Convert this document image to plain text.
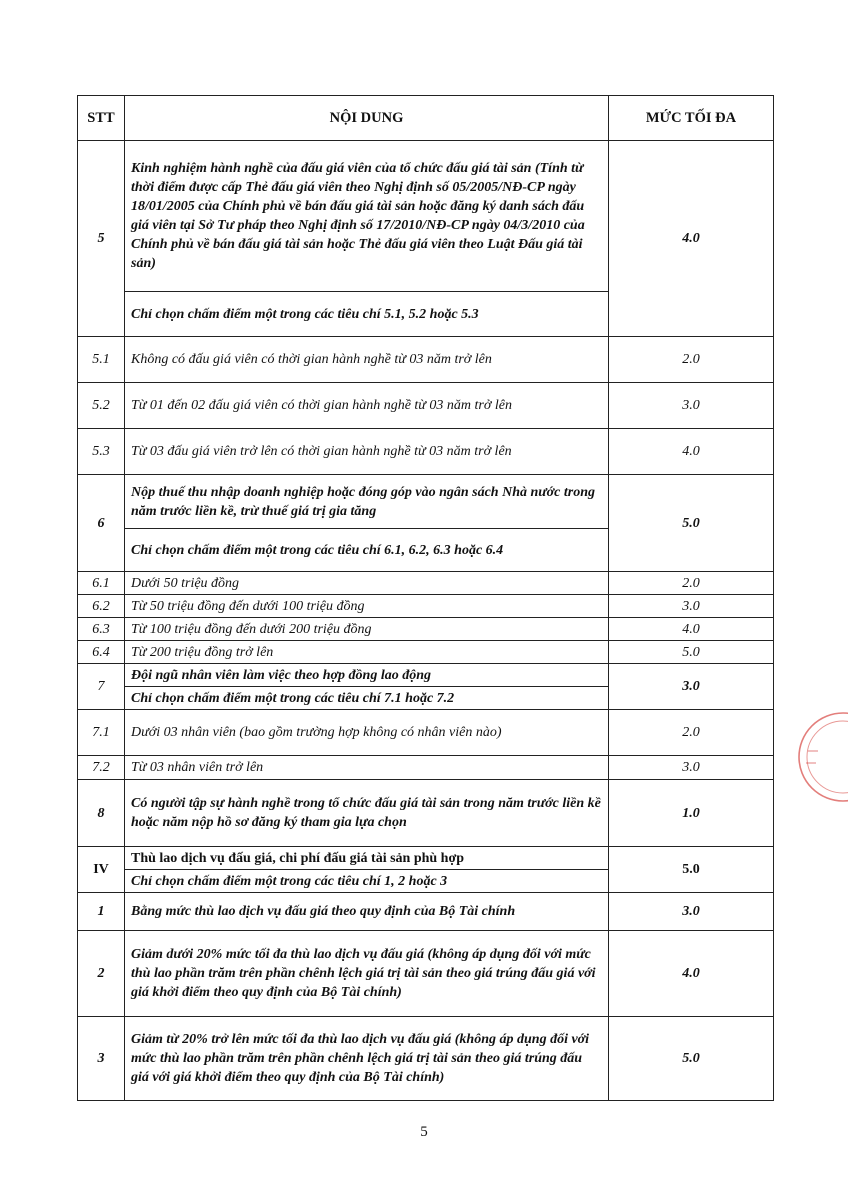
STT	NỘI DUNG	MỨC TỐI ĐA
5	Kinh nghiệm hành nghề của đấu giá viên của tổ chức đấu giá tài sản (Tính từ thời điểm được cấp Thẻ đấu giá viên theo Nghị định số 05/2005/NĐ-CP ngày 18/01/2005 của Chính phủ về bán đấu giá tài sản hoặc đăng ký danh sách đấu giá viên tại Sở Tư pháp theo Nghị định số 17/2010/NĐ-CP ngày 04/3/2010 của Chính phủ về bán đấu giá tài sản hoặc Thẻ đấu giá viên theo Luật Đấu giá tài sản)	4.0
	Chỉ chọn chấm điểm một trong các tiêu chí 5.1, 5.2 hoặc 5.3	
5.1	Không có đấu giá viên có thời gian hành nghề từ 03 năm trở lên	2.0
5.2	Từ 01 đến 02 đấu giá viên có thời gian hành nghề từ 03 năm trở lên	3.0
5.3	Từ 03 đấu giá viên trở lên có thời gian hành nghề từ 03 năm trở lên	4.0
6	Nộp thuế thu nhập doanh nghiệp hoặc đóng góp vào ngân sách Nhà nước trong năm trước liền kề, trừ thuế giá trị gia tăng	5.0
	Chỉ chọn chấm điểm một trong các tiêu chí 6.1, 6.2, 6.3 hoặc 6.4	
6.1	Dưới 50 triệu đồng	2.0
6.2	Từ 50 triệu đồng đến dưới 100 triệu đồng	3.0
6.3	Từ 100 triệu đồng đến dưới 200 triệu đồng	4.0
6.4	Từ 200 triệu đồng trở lên	5.0
7	Đội ngũ nhân viên làm việc theo hợp đồng lao động	3.0
	Chỉ chọn chấm điểm một trong các tiêu chí 7.1 hoặc 7.2	
7.1	Dưới 03 nhân viên (bao gồm trường hợp không có nhân viên nào)	2.0
7.2	Từ 03 nhân viên trở lên	3.0
8	Có người tập sự hành nghề trong tổ chức đấu giá tài sản trong năm trước liền kề hoặc năm nộp hồ sơ đăng ký tham gia lựa chọn	1.0
IV	Thù lao dịch vụ đấu giá, chi phí đấu giá tài sản phù hợp	5.0
	Chỉ chọn chấm điểm một trong các tiêu chí 1, 2 hoặc 3	
1	Bằng mức thù lao dịch vụ đấu giá theo quy định của Bộ Tài chính	3.0
2	Giảm dưới 20% mức tối đa thù lao dịch vụ đấu giá (không áp dụng đối với mức thù lao phần trăm trên phần chênh lệch giá trị tài sản theo giá trúng đấu giá với giá khởi điểm theo quy định của Bộ Tài chính)	4.0
3	Giảm từ 20% trở lên mức tối đa thù lao dịch vụ đấu giá (không áp dụng đối với mức thù lao phần trăm trên phần chênh lệch giá trị tài sản theo giá trúng đấu giá với giá khởi điểm theo quy định của Bộ Tài chính)	5.0
5
